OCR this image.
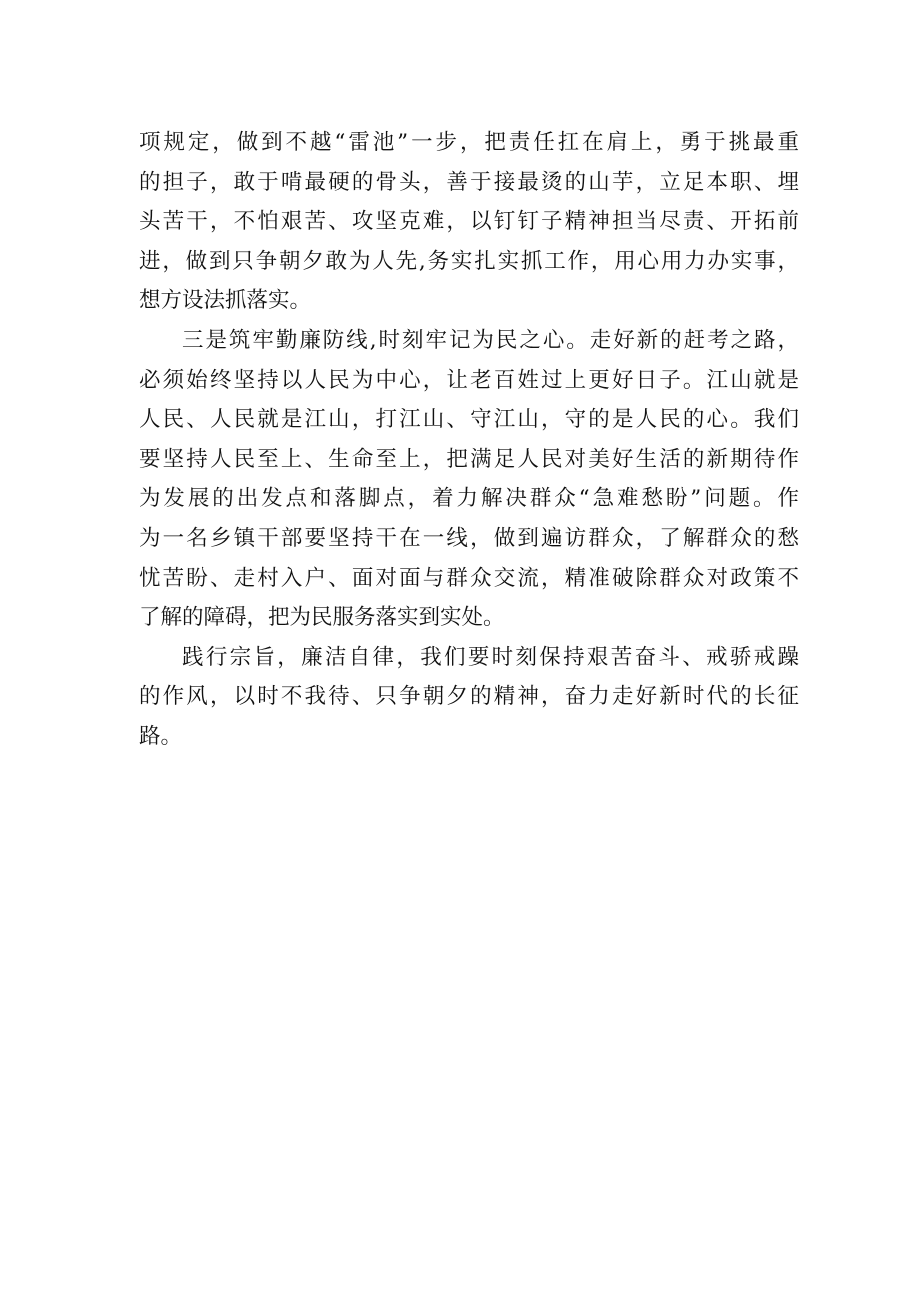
项规定，做到不越“雷池”一步，把责任扛在肩上，勇于挑最重
的担子，敢于啃最硬的骨头，善于接最烫的山芋，立足本职、埋
头苦干，不怕艰苦、攻坚克难，以钉钉子精神担当尽责、开拓前
进，做到只争朝夕敢为人先,务实扎实抓工作，用心用力办实事，
想方设法抓落实。

三是筑牢勤廉防线,时刻牢记为民之心。走好新的赶考之路，
必须始终坚持以人民为中心，让老百姓过上更好日子。江山就是
人民、人民就是江山，打江山、守江山，守的是人民的心。我们
要坚持人民至上、生命至上，把满足人民对美好生活的新期待作
为发展的出发点和落脚点，着力解决群众“急难愁盼”问题。作
为一名乡镇干部要坚持干在一线，做到遍访群众，了解群众的愁
忧苦盼、走村入户、面对面与群众交流，精准破除群众对政策不
了解的障碍，把为民服务落实到实处。

践行宗旨，廉洁自律，我们要时刻保持艰苦奋斗、戒骄戒躁
的作风，以时不我待、只争朝夕的精神，奋力走好新时代的长征
路。
